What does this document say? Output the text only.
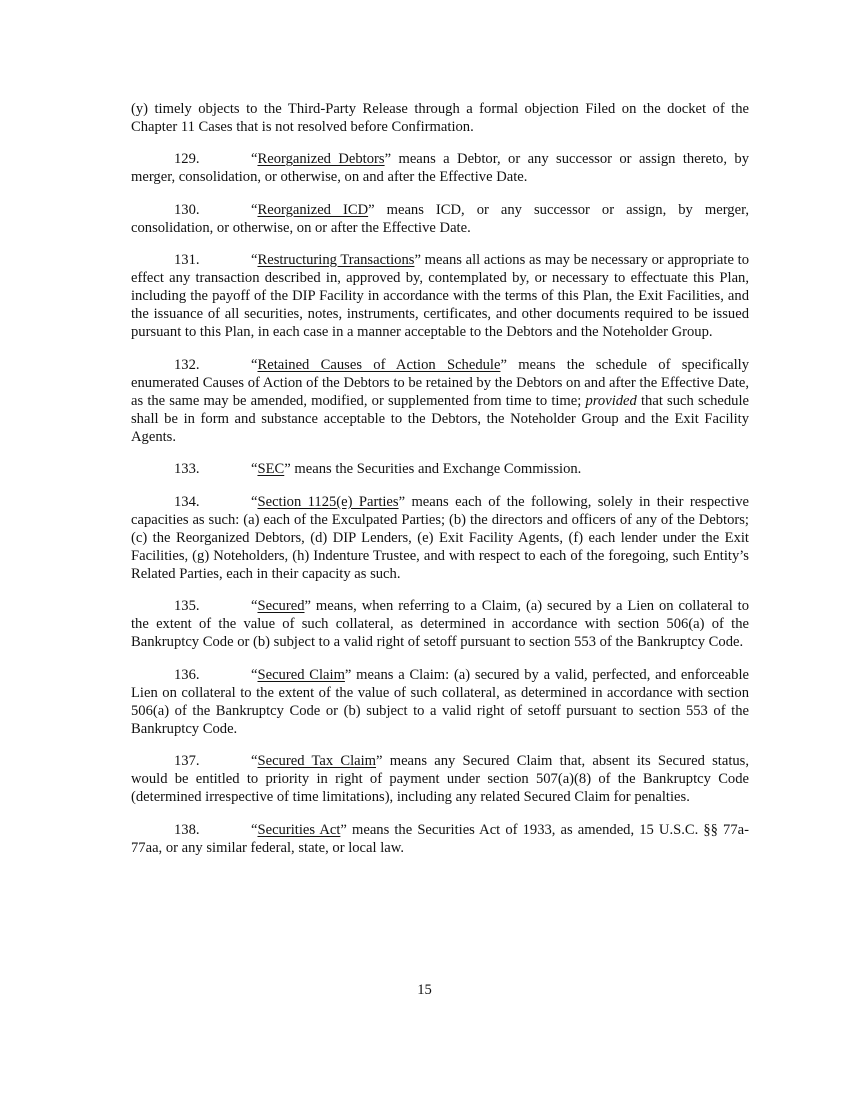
(y) timely objects to the Third-Party Release through a formal objection Filed on the docket of the Chapter 11 Cases that is not resolved before Confirmation.

129.	“Reorganized Debtors” means a Debtor, or any successor or assign thereto, by merger, consolidation, or otherwise, on and after the Effective Date.

130.	“Reorganized ICD” means ICD, or any successor or assign, by merger, consolidation, or otherwise, on or after the Effective Date.

131.	“Restructuring Transactions” means all actions as may be necessary or appropriate to effect any transaction described in, approved by, contemplated by, or necessary to effectuate this Plan, including the payoff of the DIP Facility in accordance with the terms of this Plan, the Exit Facilities, and the issuance of all securities, notes, instruments, certificates, and other documents required to be issued pursuant to this Plan, in each case in a manner acceptable to the Debtors and the Noteholder Group.

132.	“Retained Causes of Action Schedule” means the schedule of specifically enumerated Causes of Action of the Debtors to be retained by the Debtors on and after the Effective Date, as the same may be amended, modified, or supplemented from time to time; provided that such schedule shall be in form and substance acceptable to the Debtors, the Noteholder Group and the Exit Facility Agents.

133.	“SEC” means the Securities and Exchange Commission.

134.	“Section 1125(e) Parties” means each of the following, solely in their respective capacities as such: (a) each of the Exculpated Parties; (b) the directors and officers of any of the Debtors; (c) the Reorganized Debtors, (d) DIP Lenders, (e) Exit Facility Agents, (f) each lender under the Exit Facilities, (g) Noteholders, (h) Indenture Trustee, and with respect to each of the foregoing, such Entity’s Related Parties, each in their capacity as such.

135.	“Secured” means, when referring to a Claim, (a) secured by a Lien on collateral to the extent of the value of such collateral, as determined in accordance with section 506(a) of the Bankruptcy Code or (b) subject to a valid right of setoff pursuant to section 553 of the Bankruptcy Code.

136.	“Secured Claim” means a Claim: (a) secured by a valid, perfected, and enforceable Lien on collateral to the extent of the value of such collateral, as determined in accordance with section 506(a) of the Bankruptcy Code or (b) subject to a valid right of setoff pursuant to section 553 of the Bankruptcy Code.

137.	“Secured Tax Claim” means any Secured Claim that, absent its Secured status, would be entitled to priority in right of payment under section 507(a)(8) of the Bankruptcy Code (determined irrespective of time limitations), including any related Secured Claim for penalties.

138.	“Securities Act” means the Securities Act of 1933, as amended, 15 U.S.C. §§ 77a-77aa, or any similar federal, state, or local law.

15
